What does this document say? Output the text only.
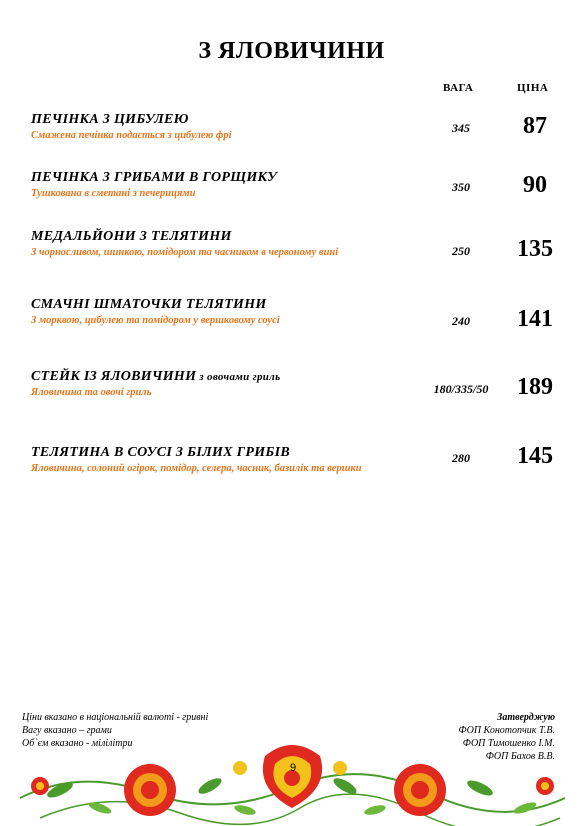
З ЯЛОВИЧИНИ
ВАГА	ЦІНА
ПЕЧІНКА З ЦИБУЛЕЮ
Смажена печінка подається з цибулею фрі
345	87
ПЕЧІНКА З ГРИБАМИ В ГОРЩИКУ
Тушкована в сметані з печерицями	350	90
МЕДАЛЬЙОНИ З ТЕЛЯТИНИ
З чорносливом, шинкою, помідором та часником в червоному вині	250	135
СМАЧНІ ШМАТОЧКИ ТЕЛЯТИНИ
З морквою, цибулею та помідором у вершковому соусі	240	141
СТЕЙК ІЗ ЯЛОВИЧИНИ з овочами гриль
Яловичина та овочі гриль	180/335/50	189
ТЕЛЯТИНА В СОУСІ З БІЛИХ ГРИБІВ
Яловичина, солоний огірок, помідор, селера, часник, базилік та вершки
280	145
Ціни вказано в національній валюті - гривні
Вагу вказано – грами
Об`єм вказано - мілілітри
Затверджую
ФОП Конотопчик Т.В.
ФОП Тимошенко І.М.
ФОП Бахов В.В.
9
